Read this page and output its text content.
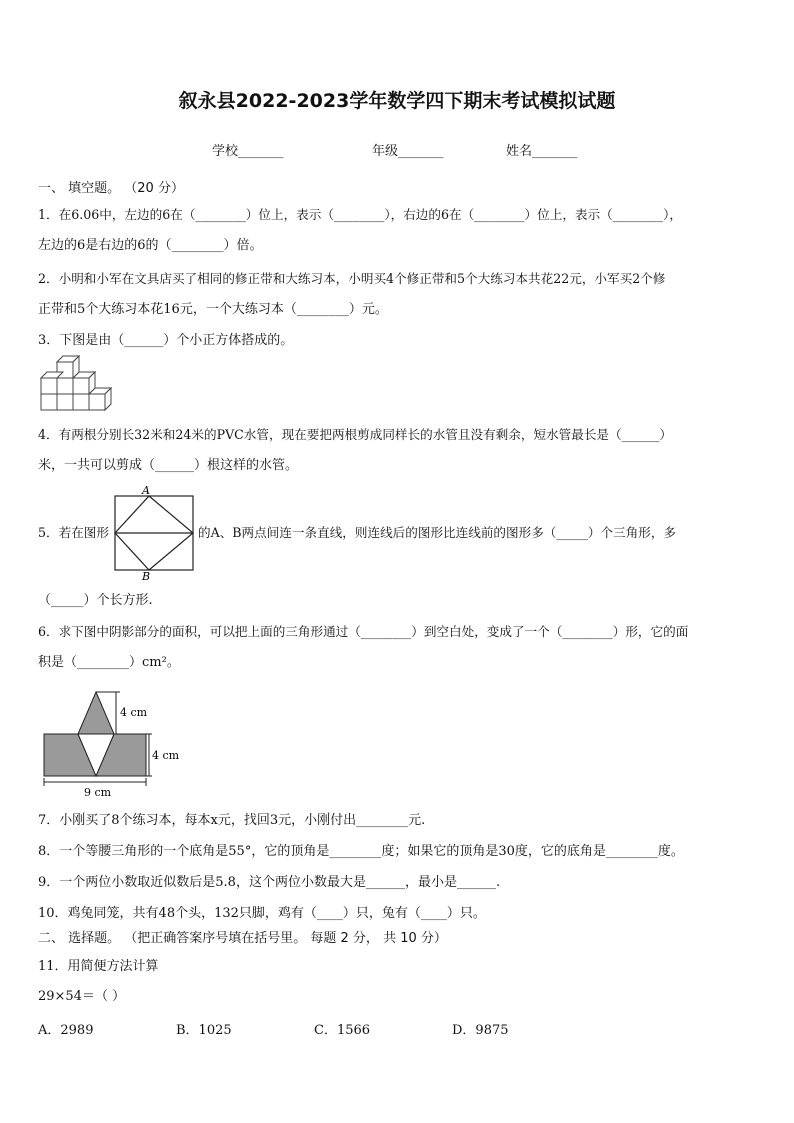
叙永县2022-2023学年数学四下期末考试模拟试题
学校_______	年级_______	姓名_______
一、 填空题。 （20 分）
1．在6.06中，左边的6在（________）位上，表示（________），右边的6在（________）位上，表示（________），
左边的6是右边的6的（________）倍。
2．小明和小军在文具店买了相同的修正带和大练习本，小明买4个修正带和5个大练习本共花22元，小军买2个修
正带和5个大练习本花16元，一个大练习本（________）元。
3．下图是由（______）个小正方体搭成的。
4．有两根分别长32米和24米的PVC水管，现在要把两根剪成同样长的水管且没有剩余，短水管最长是（______）
米，一共可以剪成（______）根这样的水管。
5．若在图形
A
B
的A、B两点间连一条直线，则连线后的图形比连线前的图形多（_____）个三角形，多
（_____）个长方形.
6．求下图中阴影部分的面积，可以把上面的三角形通过（________）到空白处，变成了一个（________）形，它的面
积是（________）cm²。
4 cm
4 cm
9 cm
7．小刚买了8个练习本，每本x元，找回3元，小刚付出________元.
8．一个等腰三角形的一个底角是55°，它的顶角是________度；如果它的顶角是30度，它的底角是________度。
9．一个两位小数取近似数后是5.8，这个两位小数最大是______，最小是______.
10．鸡兔同笼，共有48个头，132只脚，鸡有（____）只，兔有（____）只。
二、 选择题。 （把正确答案序号填在括号里。 每题 2 分， 共 10 分）
11．用简便方法计算
29×54＝（ ）
A．2989	B．1025	C．1566	D．9875
